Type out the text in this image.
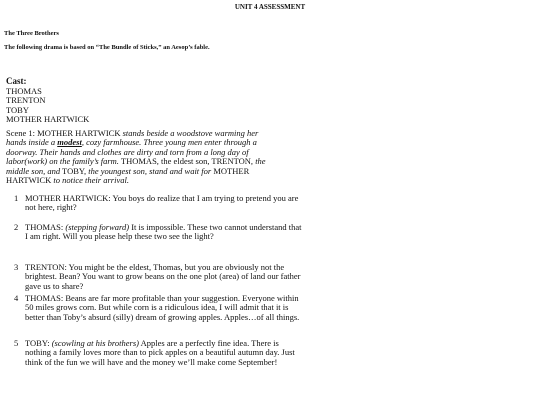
UNIT 4 ASSESSMENT
The Three Brothers
The following drama is based on “The Bundle of Sticks,” an Aesop’s fable.
Cast:
THOMAS
TRENTON
TOBY
MOTHER HARTWICK
Scene 1: MOTHER HARTWICK stands beside a woodstove warming her hands inside a modest, cozy farmhouse. Three young men enter through a doorway. Their hands and clothes are dirty and torn from a long day of labor(work) on the family’s farm. THOMAS, the eldest son, TRENTON, the middle son, and TOBY, the youngest son, stand and wait for MOTHER HARTWICK to notice their arrival.
1 MOTHER HARTWICK: You boys do realize that I am trying to pretend you are not here, right?
2 THOMAS: (stepping forward) It is impossible. These two cannot understand that I am right. Will you please help these two see the light?
3 TRENTON: You might be the eldest, Thomas, but you are obviously not the brightest. Bean? You want to grow beans on the one plot (area) of land our father gave us to share?
4 THOMAS: Beans are far more profitable than your suggestion. Everyone within 50 miles grows corn. But while corn is a ridiculous idea, I will admit that it is better than Toby’s absurd (silly) dream of growing apples. Apples…of all things.
5 TOBY: (scowling at his brothers) Apples are a perfectly fine idea. There is nothing a family loves more than to pick apples on a beautiful autumn day. Just think of the fun we will have and the money we’ll make come September!
